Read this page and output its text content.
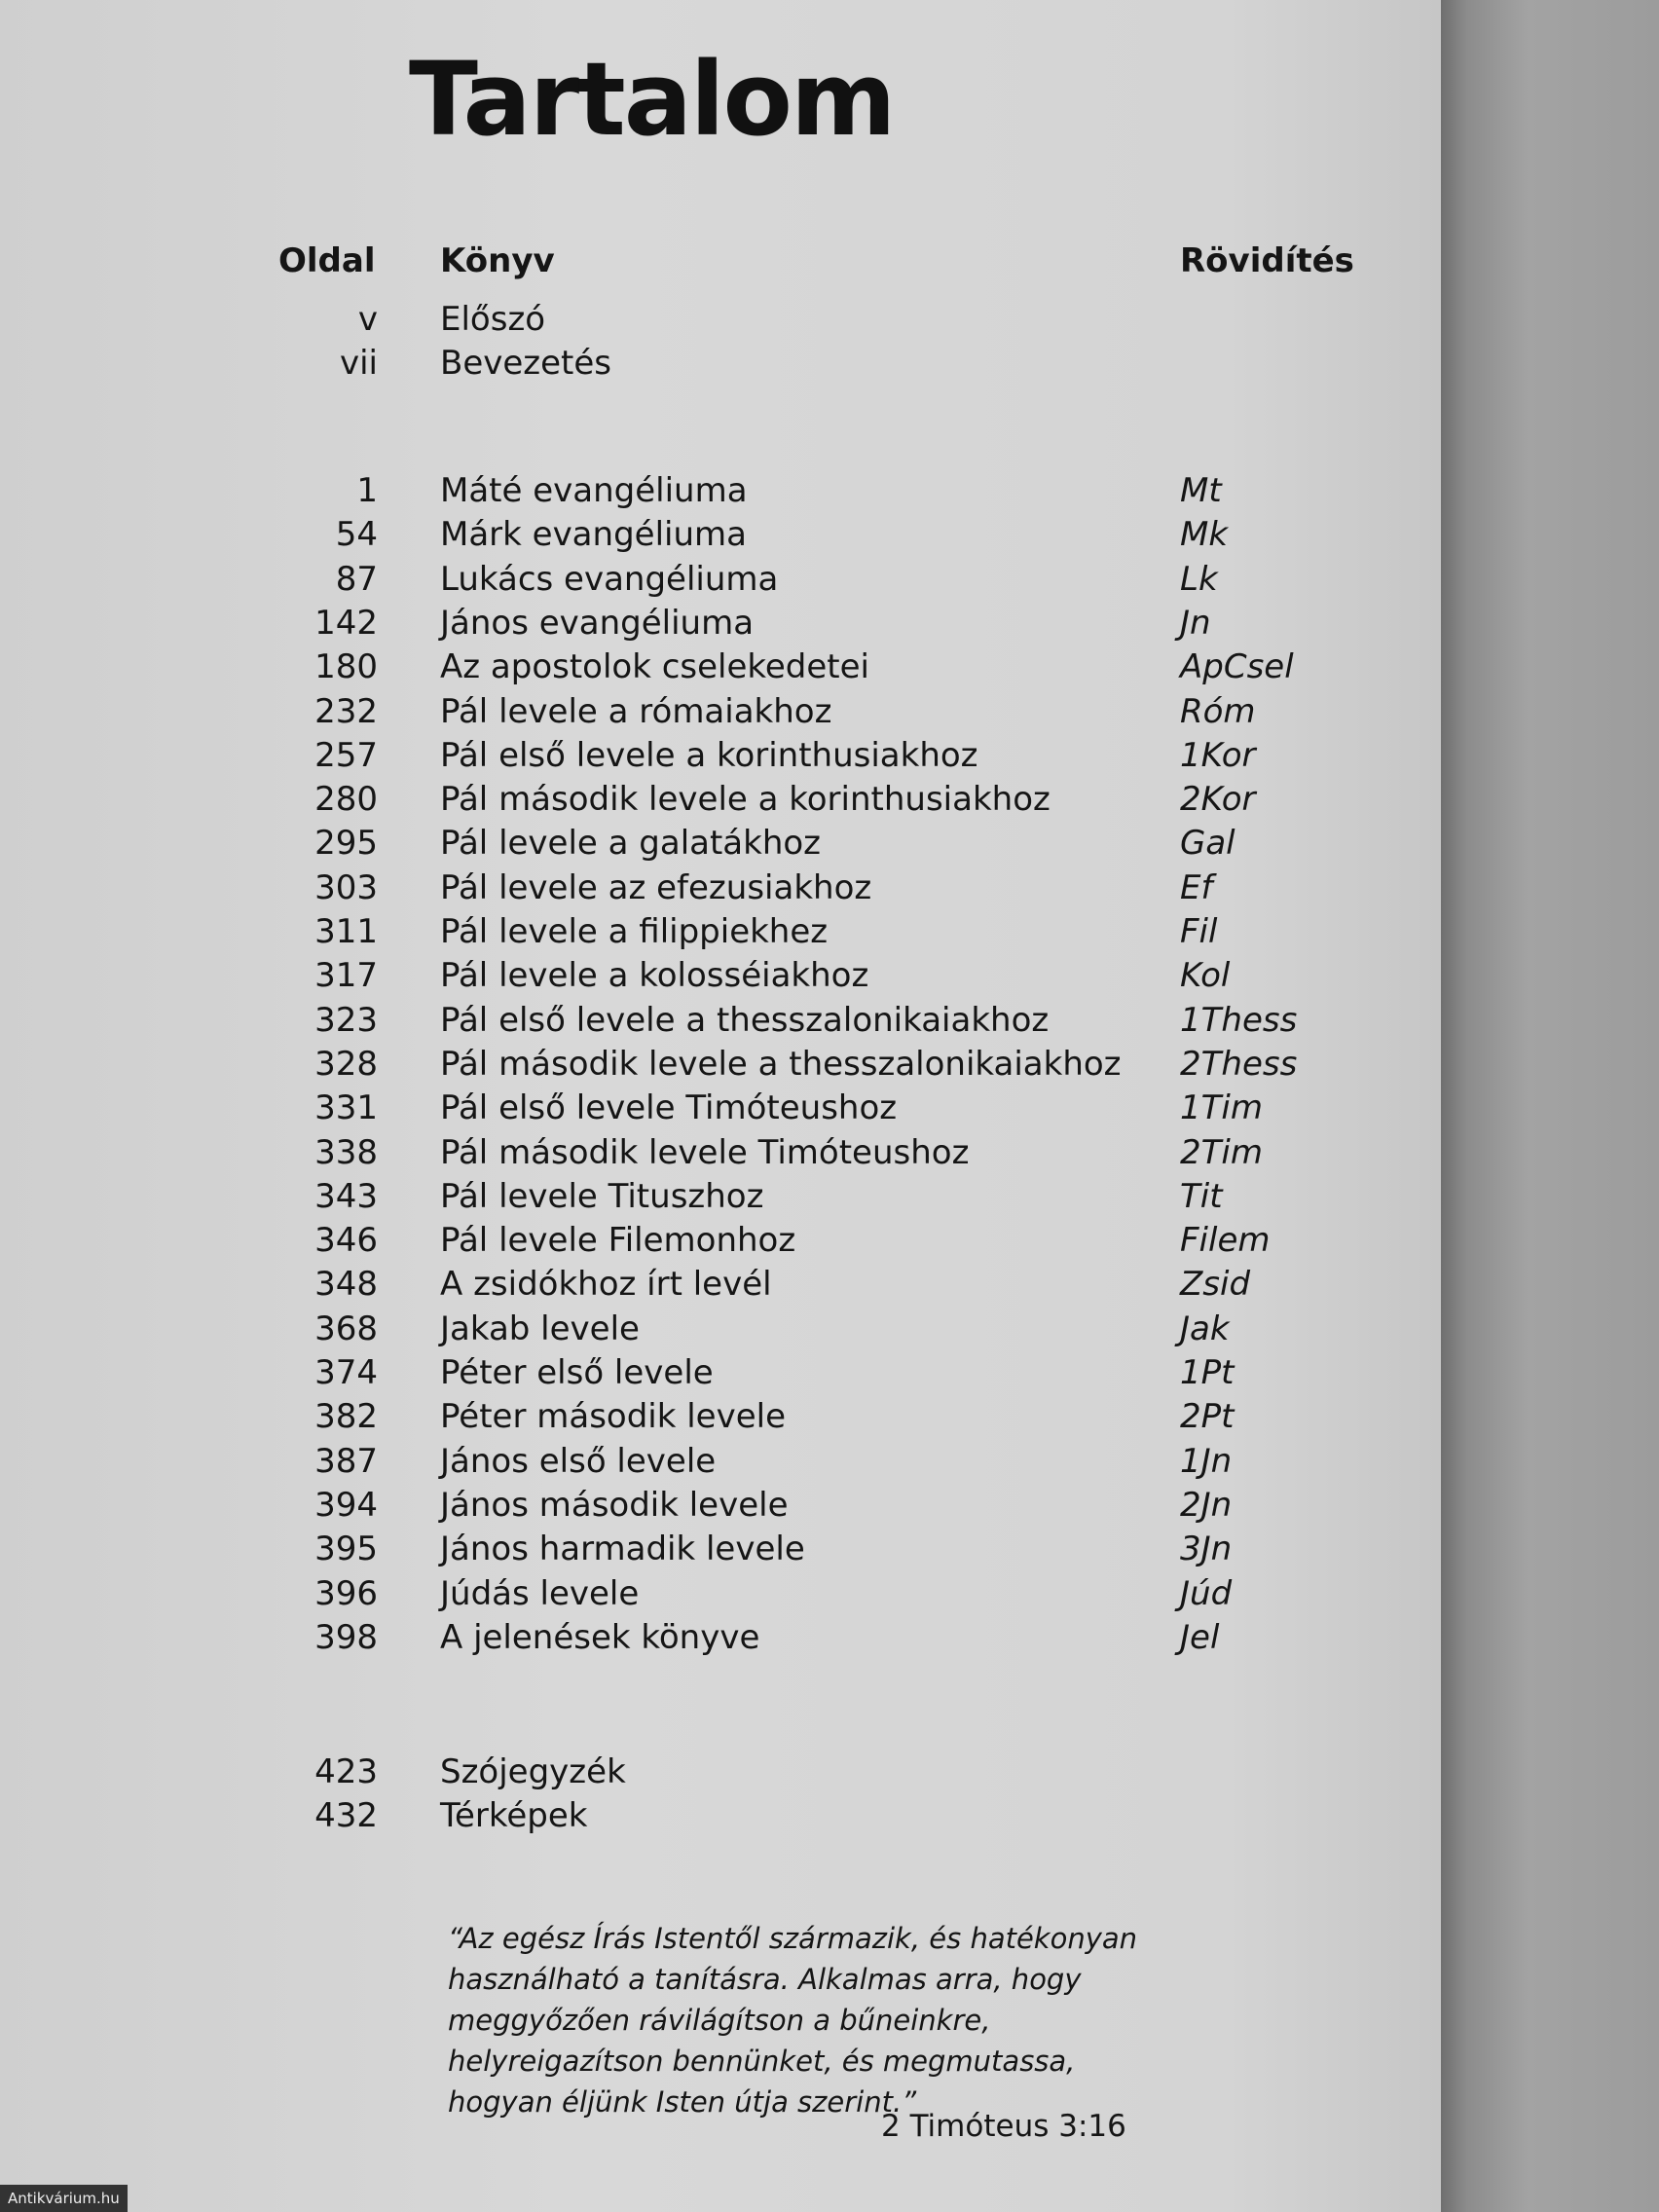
Tartalom
Oldal Könyv	Rövidítés
v Előszó
vii Bevezetés
1 Máté evangéliuma	Mt
54 Márk evangéliuma	Mk
87 Lukács evangéliuma	Lk
142 János evangéliuma	Jn
180 Az apostolok cselekedetei	ApCsel
232 Pál levele a rómaiakhoz	Róm
257 Pál első levele a korinthusiakhoz	1Kor
280 Pál második levele a korinthusiakhoz	2Kor
295 Pál levele a galatákhoz	Gal
303 Pál levele az efezusiakhoz	Ef
311 Pál levele a filippiekhez	Fil
317 Pál levele a kolosséiakhoz	Kol
323 Pál első levele a thesszalonikaiakhoz	1Thess
328 Pál második levele a thesszalonikaiakhoz 2Thess
331 Pál első levele Timóteushoz	1Tim
338 Pál második levele Timóteushoz	2Tim
343 Pál levele Tituszhoz	Tit
346 Pál levele Filemonhoz	Filem
348 A zsidókhoz írt levél	Zsid
368 Jakab levele	Jak
374 Péter első levele	1Pt
382 Péter második levele	2Pt
387 János első levele	1Jn
394 János második levele	2Jn
395 János harmadik levele	3Jn
396 Júdás levele	Júd
398 A jelenések könyve	Jel
423 Szójegyzék
432 Térképek
“Az egész Írás Istentől származik, és hatékonyan
használható a tanításra. Alkalmas arra, hogy
meggyőzően rávilágítson a bűneinkre,
helyreigazítson bennünket, és megmutassa,
hogyan éljünk Isten útja szerint.”
2 Timóteus 3:16
Antikvárium.hu
